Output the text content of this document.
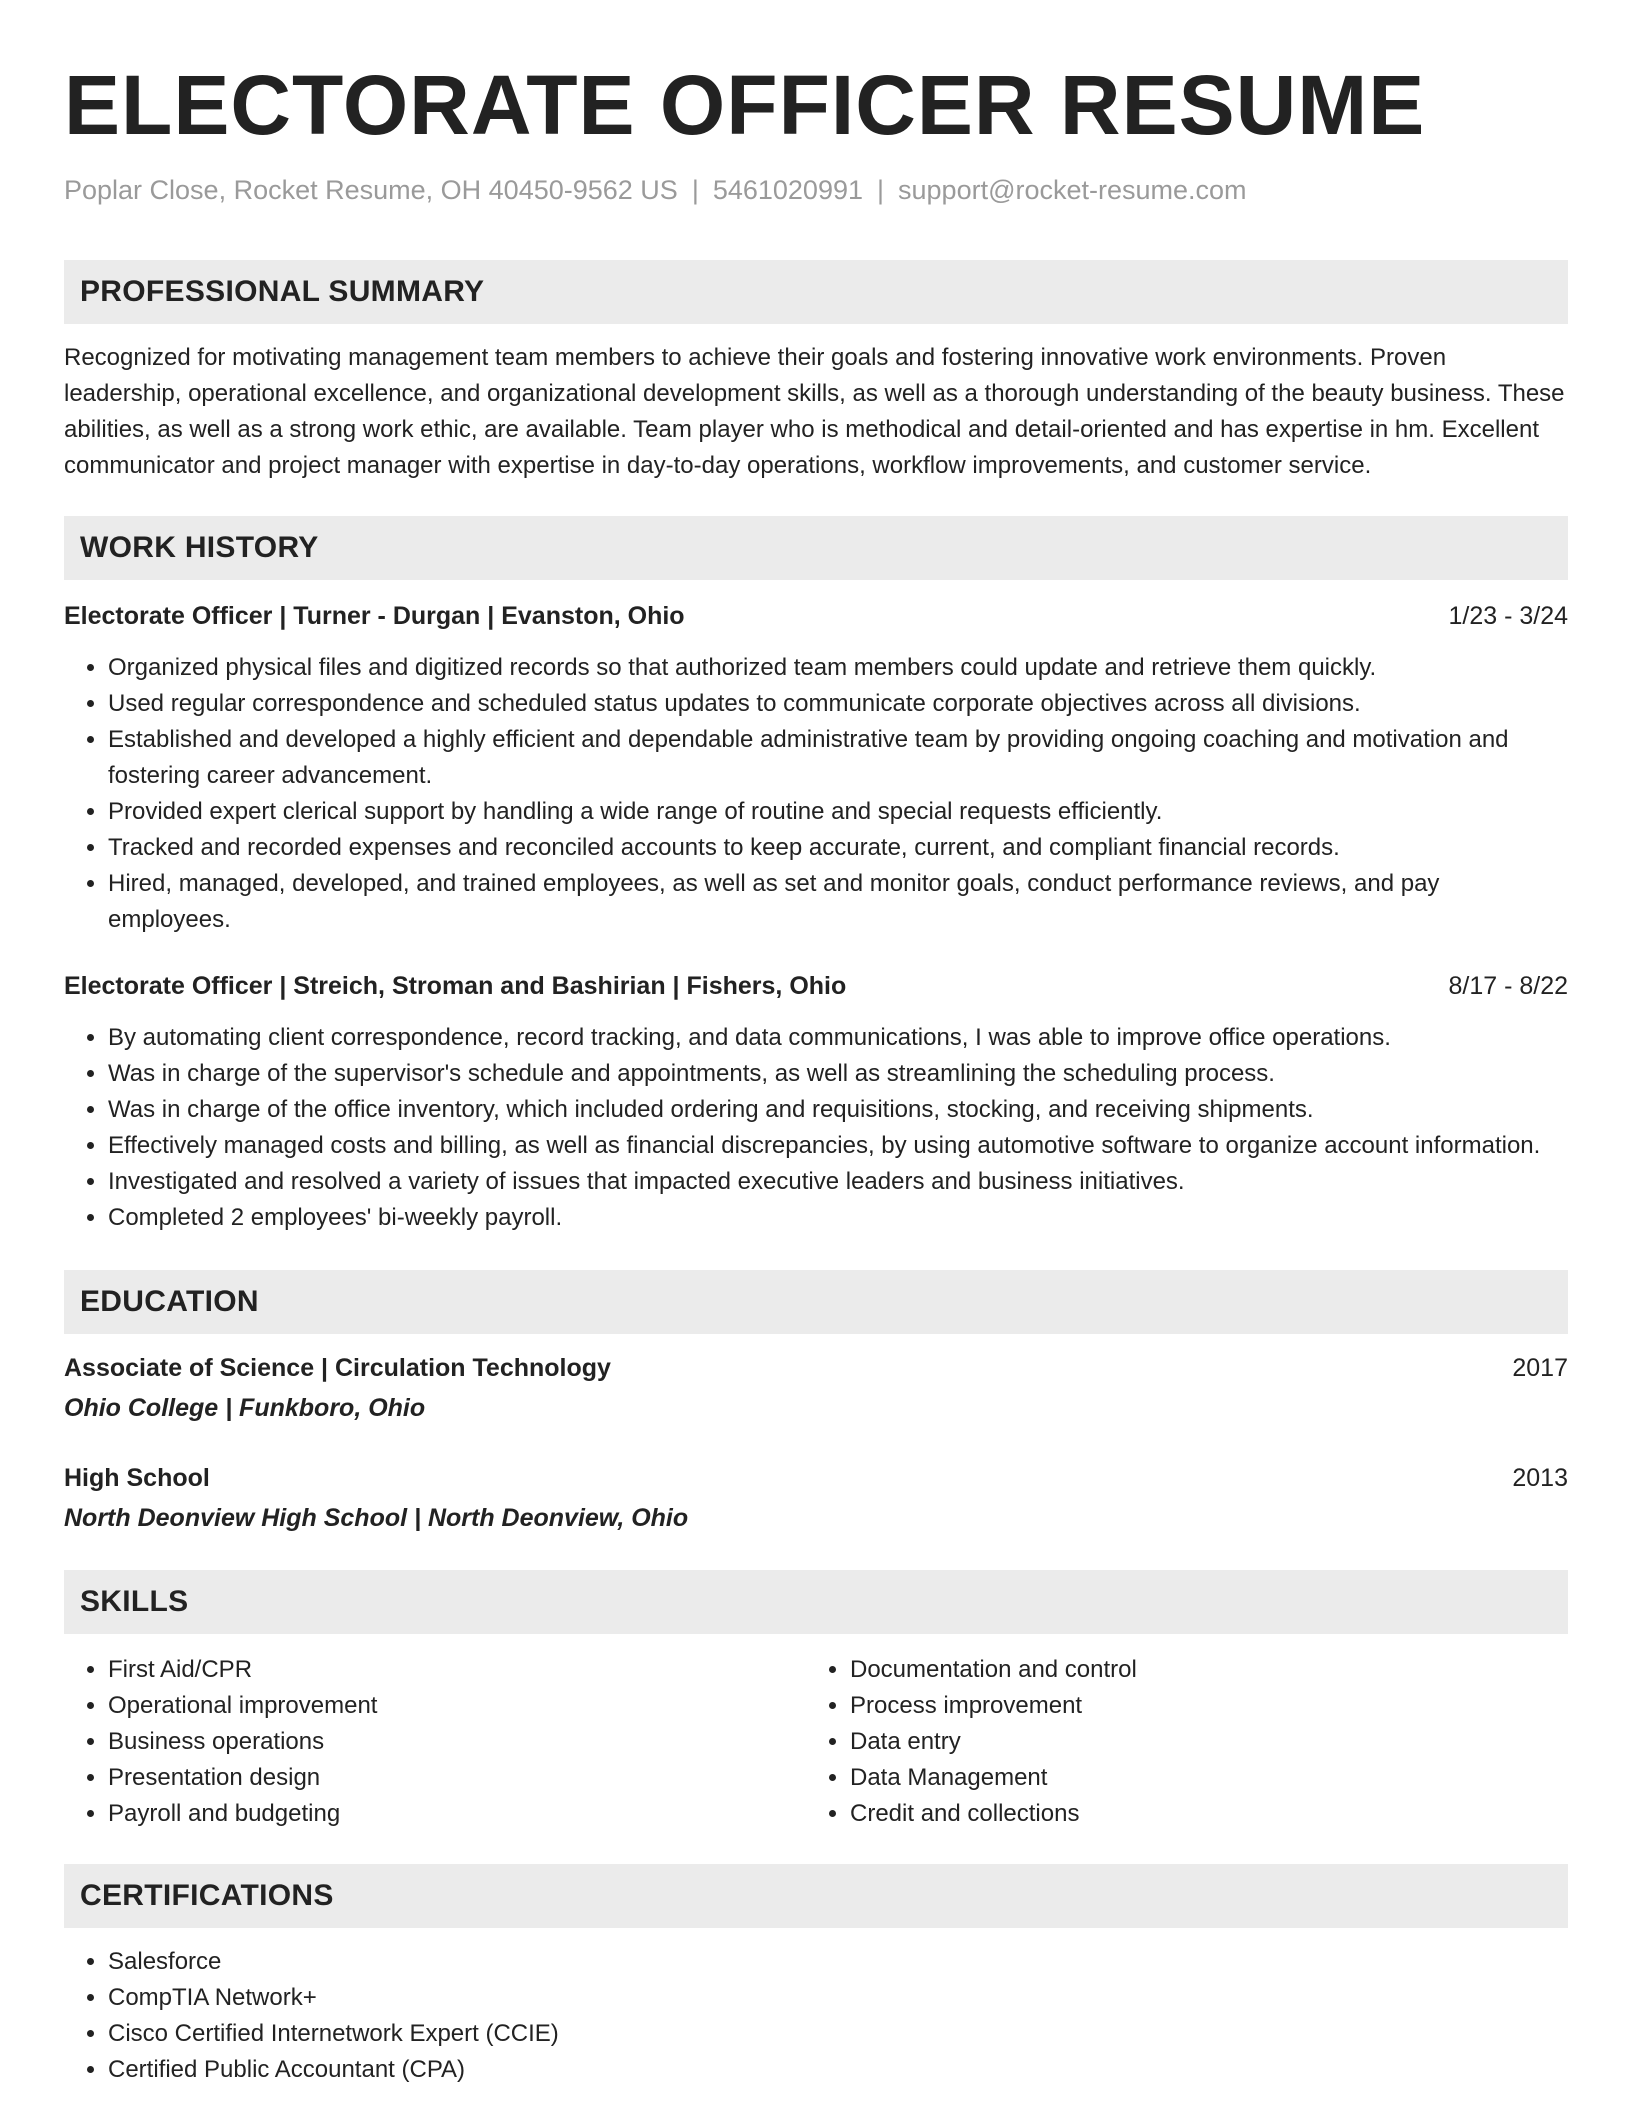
ELECTORATE OFFICER RESUME
Poplar Close, Rocket Resume, OH 40450-9562 US | 5461020991 | support@rocket-resume.com
PROFESSIONAL SUMMARY
Recognized for motivating management team members to achieve their goals and fostering innovative work environments. Proven leadership, operational excellence, and organizational development skills, as well as a thorough understanding of the beauty business. These abilities, as well as a strong work ethic, are available. Team player who is methodical and detail-oriented and has expertise in hm. Excellent communicator and project manager with expertise in day-to-day operations, workflow improvements, and customer service.
WORK HISTORY
Electorate Officer | Turner - Durgan | Evanston, Ohio	1/23 - 3/24
• Organized physical files and digitized records so that authorized team members could update and retrieve them quickly.
• Used regular correspondence and scheduled status updates to communicate corporate objectives across all divisions.
• Established and developed a highly efficient and dependable administrative team by providing ongoing coaching and motivation and fostering career advancement.
• Provided expert clerical support by handling a wide range of routine and special requests efficiently.
• Tracked and recorded expenses and reconciled accounts to keep accurate, current, and compliant financial records.
• Hired, managed, developed, and trained employees, as well as set and monitor goals, conduct performance reviews, and pay employees.
Electorate Officer | Streich, Stroman and Bashirian | Fishers, Ohio	8/17 - 8/22
• By automating client correspondence, record tracking, and data communications, I was able to improve office operations.
• Was in charge of the supervisor's schedule and appointments, as well as streamlining the scheduling process.
• Was in charge of the office inventory, which included ordering and requisitions, stocking, and receiving shipments.
• Effectively managed costs and billing, as well as financial discrepancies, by using automotive software to organize account information.
• Investigated and resolved a variety of issues that impacted executive leaders and business initiatives.
• Completed 2 employees' bi-weekly payroll.
EDUCATION
Associate of Science | Circulation Technology	2017
Ohio College | Funkboro, Ohio
High School	2013
North Deonview High School | North Deonview, Ohio
SKILLS
• First Aid/CPR
• Operational improvement
• Business operations
• Presentation design
• Payroll and budgeting
• Documentation and control
• Process improvement
• Data entry
• Data Management
• Credit and collections
CERTIFICATIONS
• Salesforce
• CompTIA Network+
• Cisco Certified Internetwork Expert (CCIE)
• Certified Public Accountant (CPA)
